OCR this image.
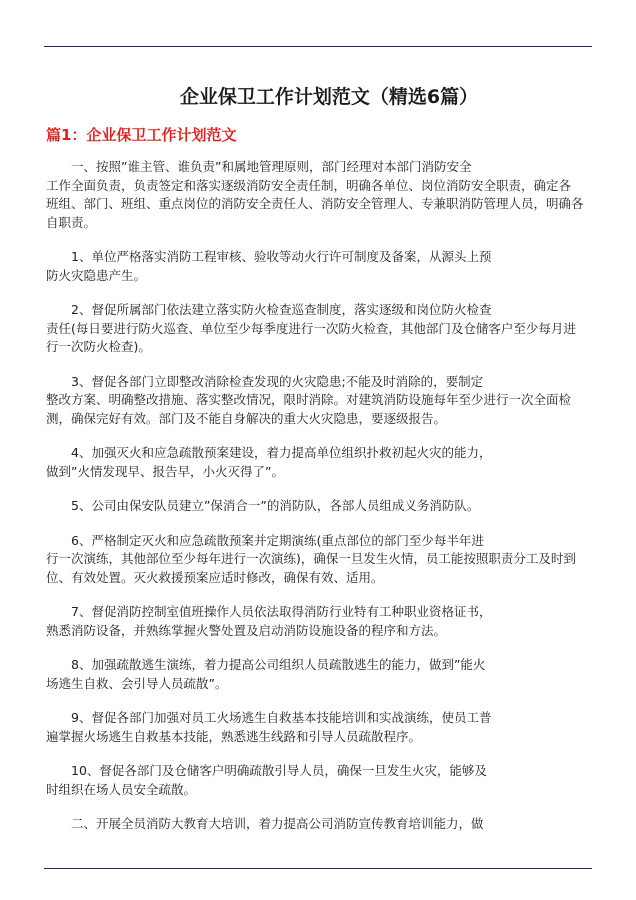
企业保卫工作计划范文（精选6篇）
篇1：企业保卫工作计划范文

一、按照”谁主管、谁负责”和属地管理原则，部门经理对本部门消防安全
工作全面负责，负责签定和落实逐级消防安全责任制，明确各单位、岗位消防安全职责，确定各
班组、部门、班组、重点岗位的消防安全责任人、消防安全管理人、专兼职消防管理人员，明确各
自职责。

1、单位严格落实消防工程审核、验收等动火行许可制度及备案，从源头上预
防火灾隐患产生。

2、督促所属部门依法建立落实防火检查巡查制度，落实逐级和岗位防火检查
责任(每日要进行防火巡查、单位至少每季度进行一次防火检查，其他部门及仓储客户至少每月进
行一次防火检查)。

3、督促各部门立即整改消除检查发现的火灾隐患;不能及时消除的，要制定
整改方案、明确整改措施、落实整改情况，限时消除。对建筑消防设施每年至少进行一次全面检
测，确保完好有效。部门及不能自身解决的重大火灾隐患，要逐级报告。

4、加强灭火和应急疏散预案建设，着力提高单位组织扑救初起火灾的能力，
做到”火情发现早、报告早，小火灭得了”。

5、公司由保安队员建立”保消合一”的消防队，各部人员组成义务消防队。

6、严格制定灭火和应急疏散预案并定期演练(重点部位的部门至少每半年进
行一次演练，其他部位至少每年进行一次演练)，确保一旦发生火情，员工能按照职责分工及时到
位、有效处置。灭火救援预案应适时修改，确保有效、适用。

7、督促消防控制室值班操作人员依法取得消防行业特有工种职业资格证书，
熟悉消防设备，并熟练掌握火警处置及启动消防设施设备的程序和方法。

8、加强疏散逃生演练，着力提高公司组织人员疏散逃生的能力，做到”能火
场逃生自救、会引导人员疏散”。

9、督促各部门加强对员工火场逃生自救基本技能培训和实战演练，使员工普
遍掌握火场逃生自救基本技能，熟悉逃生线路和引导人员疏散程序。

10、督促各部门及仓储客户明确疏散引导人员，确保一旦发生火灾，能够及
时组织在场人员安全疏散。

二、开展全员消防大教育大培训，着力提高公司消防宣传教育培训能力，做
